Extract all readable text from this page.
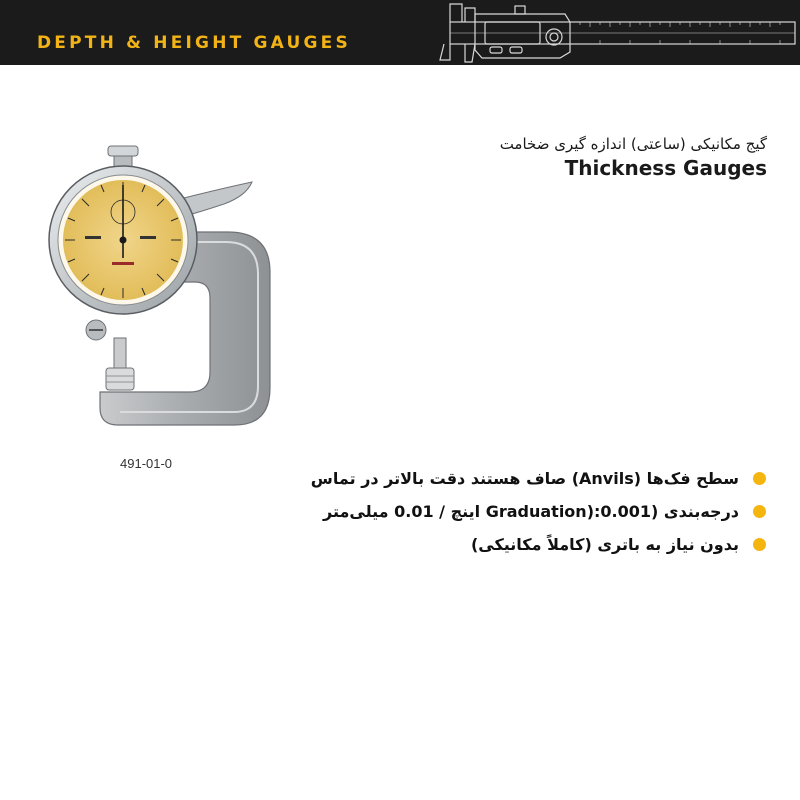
DEPTH & HEIGHT GAUGES
491-01-0
گیج مکانیکی (ساعتی) اندازه گیری ضخامت
Thickness Gauges
سطح فک‌ها (Anvils) صاف هستند دقت بالاتر در تماس
درجه‌بندی (0.001:(Graduation اینچ / 0.01 میلی‌متر
بدون نیاز به باتری (کاملاً مکانیکی)
